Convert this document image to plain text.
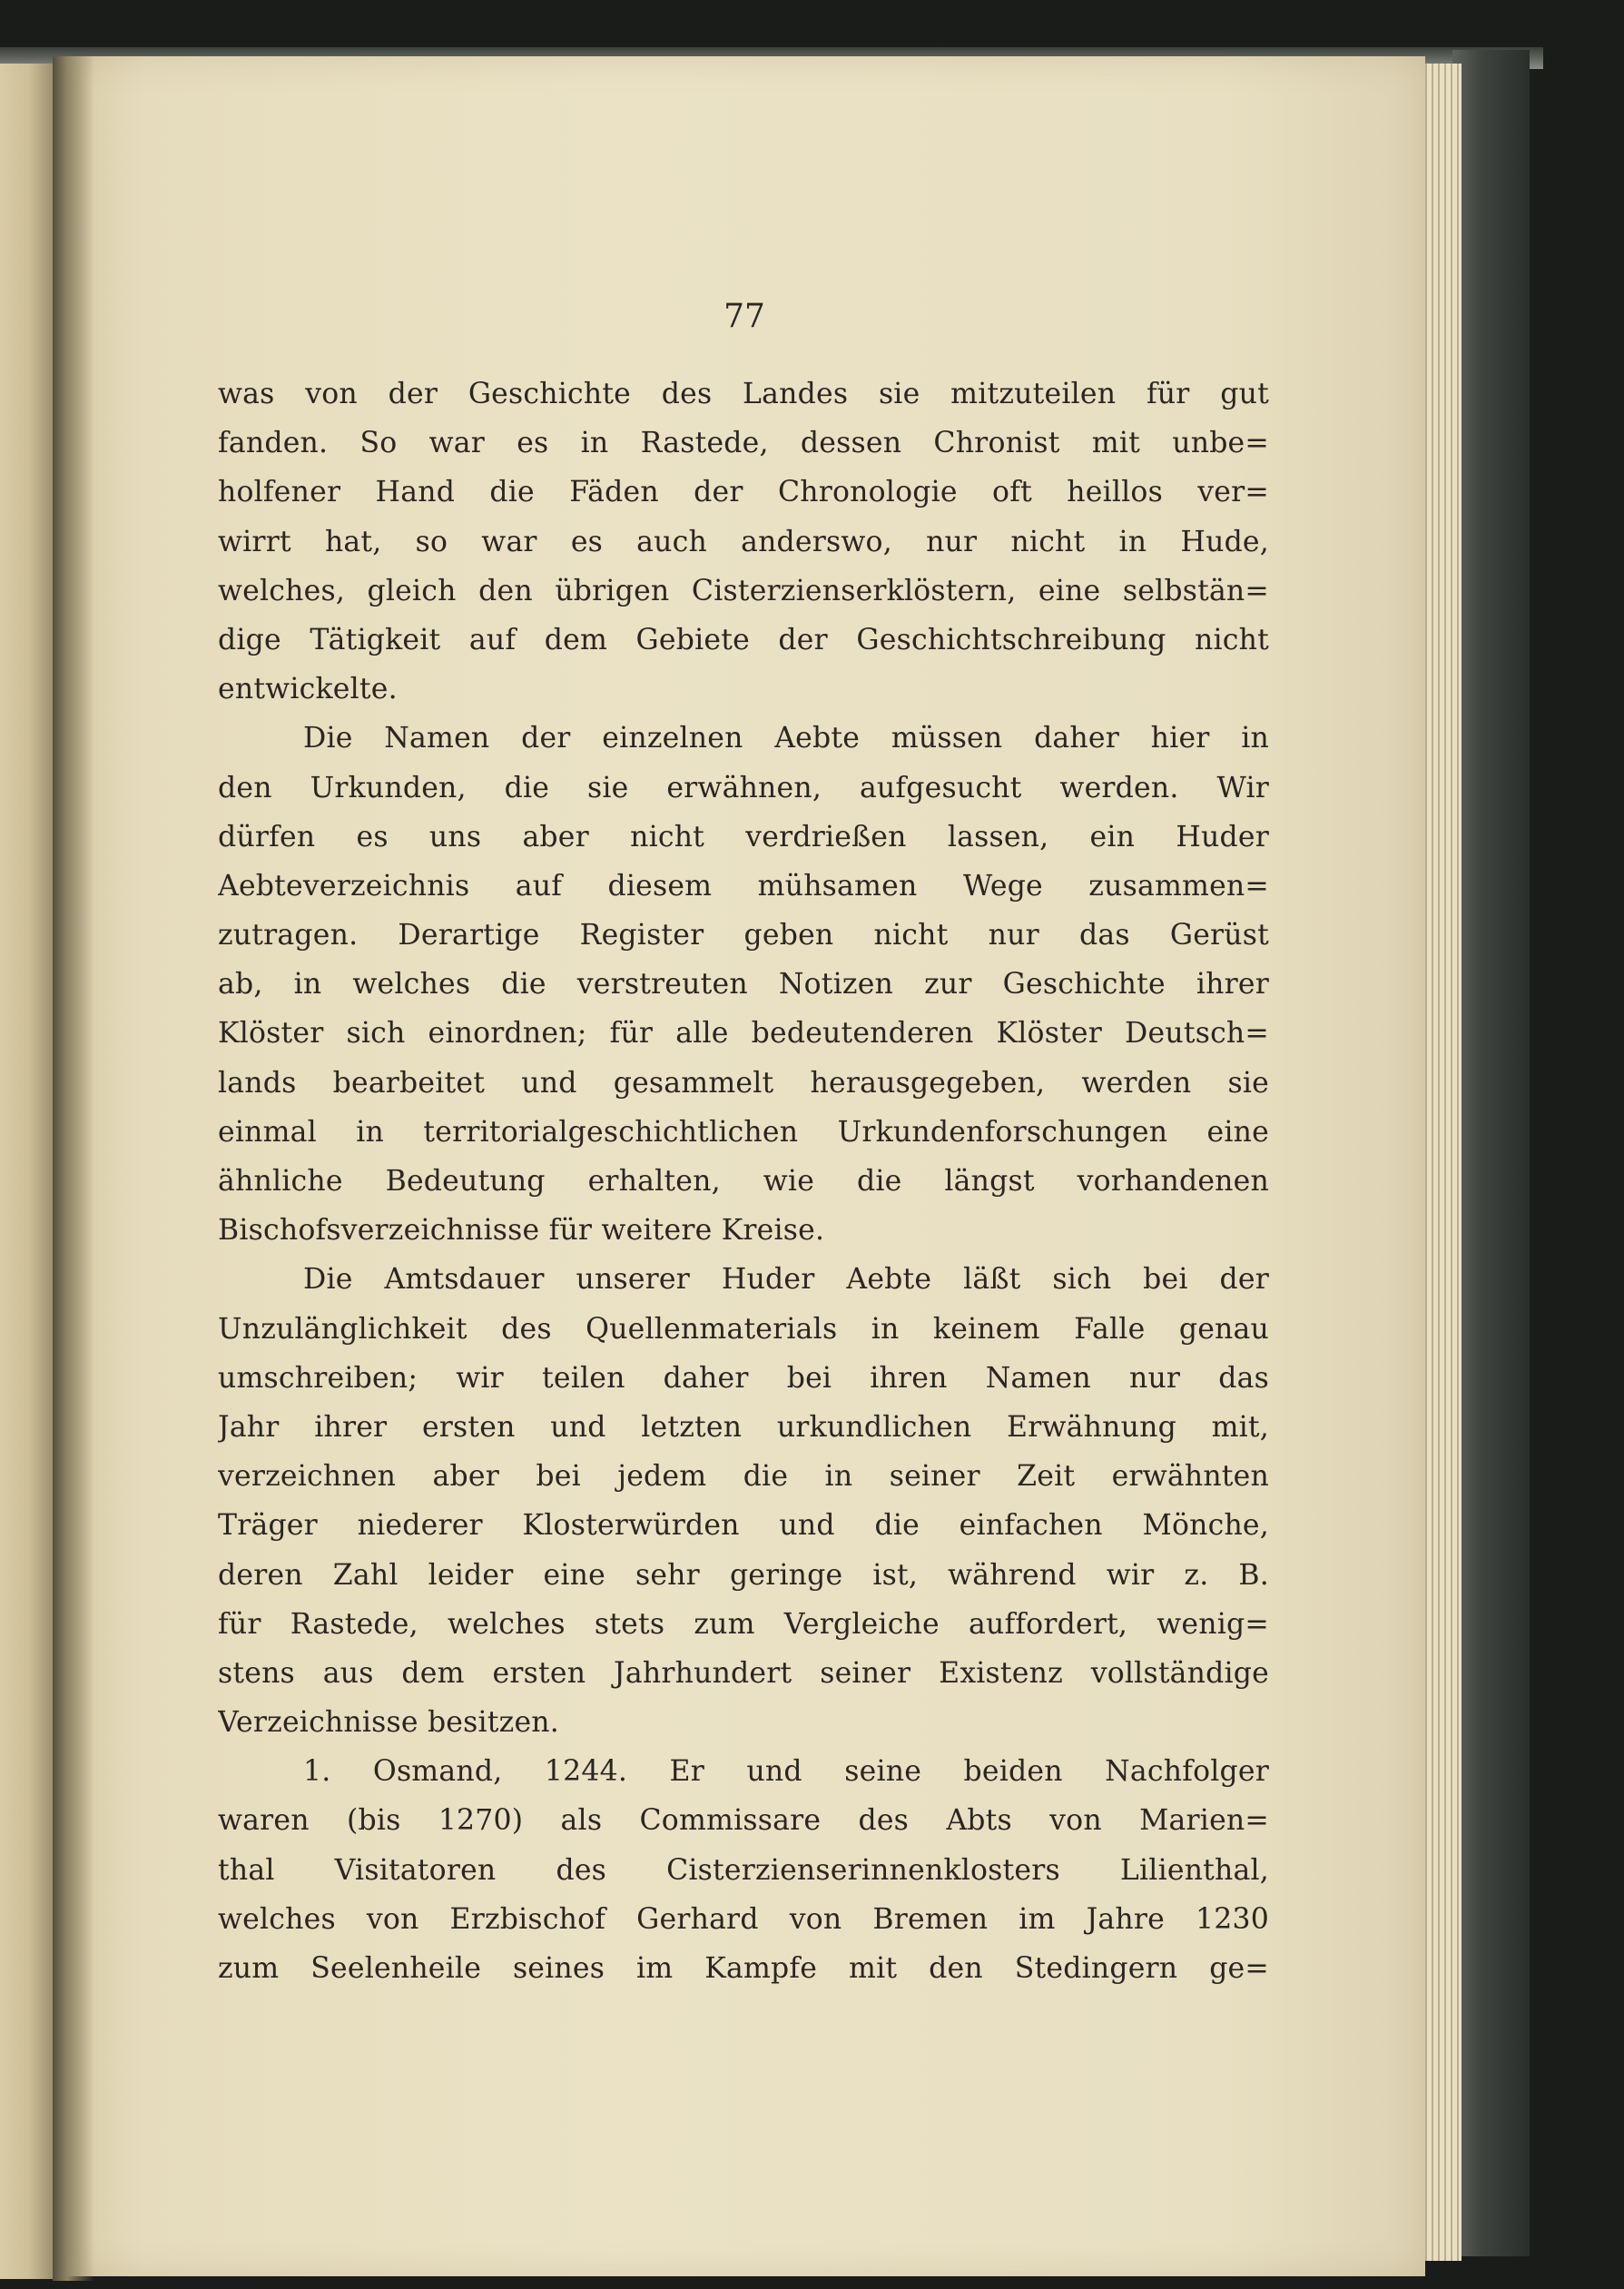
77
was von der Geschichte des Landes sie mitzuteilen für gut
fanden. So war es in Rastede, dessen Chronist mit unbe=
holfener Hand die Fäden der Chronologie oft heillos ver=
wirrt hat, so war es auch anderswo, nur nicht in Hude,
welches, gleich den übrigen Cisterzienserklöstern, eine selbstän=
dige Tätigkeit auf dem Gebiete der Geschichtschreibung nicht
entwickelte.
Die Namen der einzelnen Aebte müssen daher hier in
den Urkunden, die sie erwähnen, aufgesucht werden. Wir
dürfen es uns aber nicht verdrießen lassen, ein Huder
Aebteverzeichnis auf diesem mühsamen Wege zusammen=
zutragen. Derartige Register geben nicht nur das Gerüst
ab, in welches die verstreuten Notizen zur Geschichte ihrer
Klöster sich einordnen; für alle bedeutenderen Klöster Deutsch=
lands bearbeitet und gesammelt herausgegeben, werden sie
einmal in territorialgeschichtlichen Urkundenforschungen eine
ähnliche Bedeutung erhalten, wie die längst vorhandenen
Bischofsverzeichnisse für weitere Kreise.
Die Amtsdauer unserer Huder Aebte läßt sich bei der
Unzulänglichkeit des Quellenmaterials in keinem Falle genau
umschreiben; wir teilen daher bei ihren Namen nur das
Jahr ihrer ersten und letzten urkundlichen Erwähnung mit,
verzeichnen aber bei jedem die in seiner Zeit erwähnten
Träger niederer Klosterwürden und die einfachen Mönche,
deren Zahl leider eine sehr geringe ist, während wir z. B.
für Rastede, welches stets zum Vergleiche auffordert, wenig=
stens aus dem ersten Jahrhundert seiner Existenz vollständige
Verzeichnisse besitzen.
1. Osmand, 1244. Er und seine beiden Nachfolger
waren (bis 1270) als Commissare des Abts von Marien=
thal Visitatoren des Cisterzienserinnenklosters Lilienthal,
welches von Erzbischof Gerhard von Bremen im Jahre 1230
zum Seelenheile seines im Kampfe mit den Stedingern ge=
